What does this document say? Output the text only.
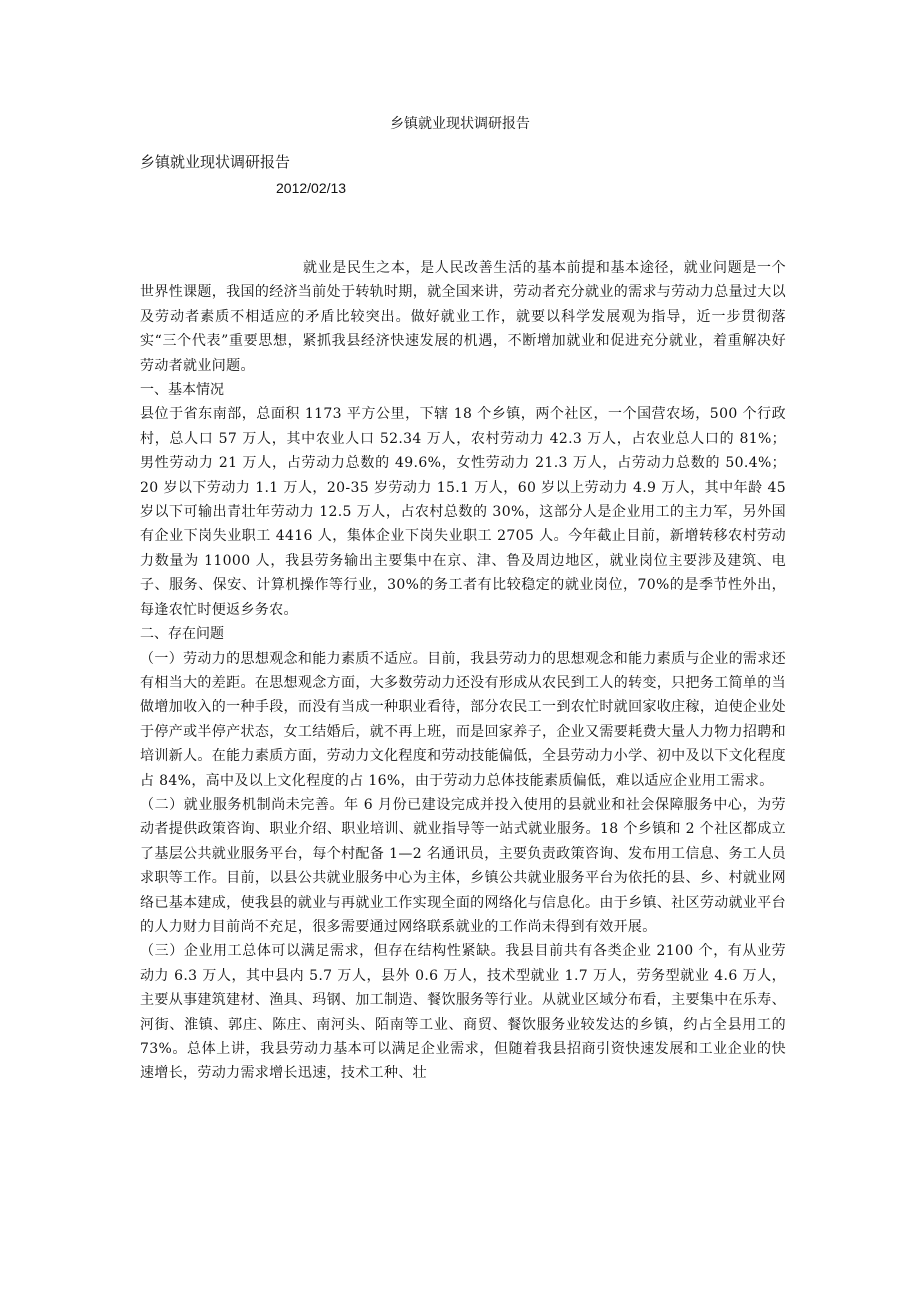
乡镇就业现状调研报告
乡镇就业现状调研报告
2012/02/13

就业是民生之本，是人民改善生活的基本前提和基本途径，就业问题是一个世界性课题，我国的经济当前处于转轨时期，就全国来讲，劳动者充分就业的需求与劳动力总量过大以及劳动者素质不相适应的矛盾比较突出。做好就业工作，就要以科学发展观为指导，近一步贯彻落实“三个代表”重要思想，紧抓我县经济快速发展的机遇，不断增加就业和促进充分就业，着重解决好劳动者就业问题。

一、基本情况

县位于省东南部，总面积 1173 平方公里，下辖 18 个乡镇，两个社区，一个国营农场，500 个行政村，总人口 57 万人，其中农业人口 52.34 万人，农村劳动力 42.3 万人，占农业总人口的 81%；男性劳动力 21 万人，占劳动力总数的 49.6%，女性劳动力 21.3 万人，占劳动力总数的 50.4%；20 岁以下劳动力 1.1 万人，20-35 岁劳动力 15.1 万人，60 岁以上劳动力 4.9 万人，其中年龄 45 岁以下可输出青壮年劳动力 12.5 万人，占农村总数的 30%，这部分人是企业用工的主力军，另外国有企业下岗失业职工 4416 人，集体企业下岗失业职工 2705 人。今年截止目前，新增转移农村劳动力数量为 11000 人，我县劳务输出主要集中在京、津、鲁及周边地区，就业岗位主要涉及建筑、电子、服务、保安、计算机操作等行业，30%的务工者有比较稳定的就业岗位，70%的是季节性外出，每逢农忙时便返乡务农。

二、存在问题

（一）劳动力的思想观念和能力素质不适应。目前，我县劳动力的思想观念和能力素质与企业的需求还有相当大的差距。在思想观念方面，大多数劳动力还没有形成从农民到工人的转变，只把务工简单的当做增加收入的一种手段，而没有当成一种职业看待，部分农民工一到农忙时就回家收庄稼，迫使企业处于停产或半停产状态，女工结婚后，就不再上班，而是回家养子，企业又需要耗费大量人力物力招聘和培训新人。在能力素质方面，劳动力文化程度和劳动技能偏低，全县劳动力小学、初中及以下文化程度占 84%，高中及以上文化程度的占 16%，由于劳动力总体技能素质偏低，难以适应企业用工需求。

（二）就业服务机制尚未完善。年 6 月份已建设完成并投入使用的县就业和社会保障服务中心，为劳动者提供政策咨询、职业介绍、职业培训、就业指导等一站式就业服务。18 个乡镇和 2 个社区都成立了基层公共就业服务平台，每个村配备 1—2 名通讯员，主要负责政策咨询、发布用工信息、务工人员求职等工作。目前，以县公共就业服务中心为主体，乡镇公共就业服务平台为依托的县、乡、村就业网络已基本建成，使我县的就业与再就业工作实现全面的网络化与信息化。由于乡镇、社区劳动就业平台的人力财力目前尚不充足，很多需要通过网络联系就业的工作尚未得到有效开展。

（三）企业用工总体可以满足需求，但存在结构性紧缺。我县目前共有各类企业 2100 个，有从业劳动力 6.3 万人，其中县内 5.7 万人，县外 0.6 万人，技术型就业 1.7 万人，劳务型就业 4.6 万人，主要从事建筑建材、渔具、玛钢、加工制造、餐饮服务等行业。从就业区域分布看，主要集中在乐寿、河街、淮镇、郭庄、陈庄、南河头、陌南等工业、商贸、餐饮服务业较发达的乡镇，约占全县用工的 73%。总体上讲，我县劳动力基本可以满足企业需求，但随着我县招商引资快速发展和工业企业的快速增长，劳动力需求增长迅速，技术工种、壮
